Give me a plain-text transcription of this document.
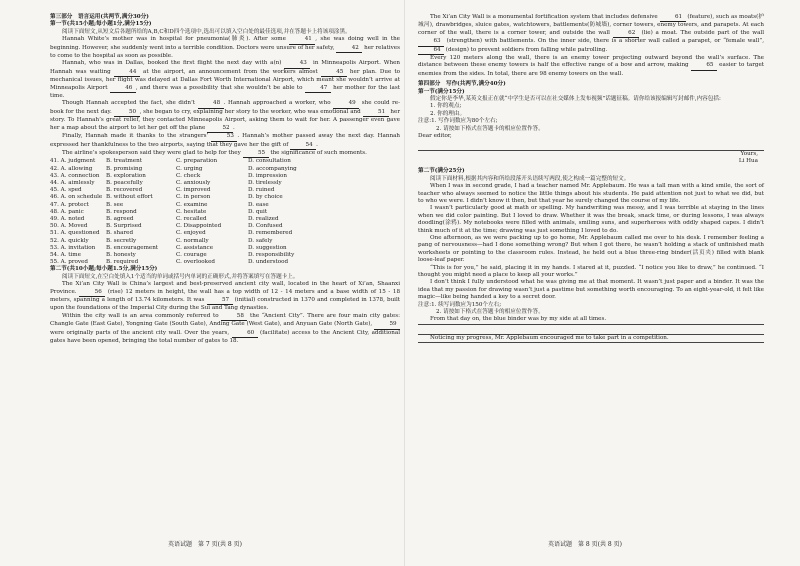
第三部分　语言运用(共两节,满分30分)
第一节(共15小题;每小题1分,满分15分)
阅读下面短文,从短文后各题所给的A,B,C和D四个选项中,选出可以填入空白处的最佳选项,并在答题卡上将该项涂黑。
Hannah White’s mother was in hospital for pneumonia(肺炎). After some	41 , she was doing well in the beginning. However, she suddenly went into a terrible condition. Doctors were unsure of her safety,	42 her relatives to come to the hospital as soon as possible.
Hannah, who was in Dallas, booked the first flight the next day with a(n)	43 in Minneapolis Airport. When Hannah was waiting	44 at the airport, an announcement from the workers almost	45 her plan. Due to mechanical issues, her flight was delayed at Dallas Fort Worth International Airport, which meant she wouldn’t arrive at Minneapolis Airport	46 , and there was a possibility that she wouldn’t be able to	47 her mother for the last time.
Though Hannah accepted the fact, she didn’t	48 . Hannah approached a worker, who	49 she could re-book for the next day.	50 , she began to cry, explaining her story to the worker, who was emotional and	51 her story. To Hannah’s great relief, they contacted Minneapolis Airport, asking them to wait for her. A passenger even gave her a map about the airport to let her get off the plane	52 .
Finally, Hannah made it thanks to the strangers’	53 . Hannah’s mother passed away the next day. Hannah expressed her thankfulness to the two airports, saying that they gave her the gift of	54 .
The airline’s spokesperson said they were glad to help for they	55 the significance of such moments.
41. A. judgment	B. treatment	C. preparation	D. consultation
42. A. allowing	B. promising	C. urging	D. accompanying
43. A. connection	B. exploration	C. check	D. impression
44. A. aimlessly	B. peacefully	C. anxiously	D. tirelessly
45. A. sped	B. recovered	C. improved	D. ruined
46. A. on schedule	B. without effort	C. in person	D. by choice
47. A. protect	B. see	C. examine	D. ease
48. A. panic	B. respond	C. hesitate	D. quit
49. A. noted	B. agreed	C. recalled	D. realized
50. A. Moved	B. Surprised	C. Disappointed	D. Confused
51. A. questioned	B. shared	C. enjoyed	D. remembered
52. A. quickly	B. secretly	C. normally	D. safely
53. A. invitation	B. encouragement	C. assistance	D. suggestion
54. A. time	B. honesty	C. courage	D. responsibility
55. A. proved	B. required	C. overlooked	D. understood
第二节(共10小题;每小题1.5分,满分15分)
阅读下面短文,在空白处填入1个适当的单词或括号内单词的正确形式,并将答案填写在答题卡上。
The Xi’an City Wall is China’s largest and best-preserved ancient city wall, located in the heart of Xi’an, Shaanxi Province.	56 (rise) 12 meters in height, the wall has a top width of 12 - 14 meters and a base width of 15 - 18 meters, spanning a length of 13.74 kilometers. It was	57 (initial) constructed in 1370 and completed in 1378, built upon the foundations of the Imperial City during the Sui and Tang dynasties.
Within the city wall is an area commonly referred to	58 the “Ancient City”. There are four main city gates: Changle Gate (East Gate), Yongning Gate (South Gate), Anding Gate (West Gate), and Anyuan Gate (North Gate),	59 were originally parts of the ancient city wall. Over the years,	60 (facilitate) access to the Ancient City, additional gates have been opened, bringing the total number of gates to 18.
英语试题　第 7 页(共 8 页)
The Xi’an City Wall is a monumental fortification system that includes defensive	61 (feature), such as moats(护城河), drawbridges, sluice gates, watchtowers, battlements(防城墙), corner towers, enemy towers, and parapets. At each corner of the wall, there is a corner tower, and outside the wall	62 (lie) a moat. The outside part of the wall 63 (strengthen) with battlements. On the inner side, there is a shorter wall called a parapet, or “female wall”, 64 (design) to prevent soldiers from falling while patrolling.
Every 120 meters along the wall, there is an enemy tower projecting outward beyond the wall’s surface. The distance between these enemy towers is half the effective range of a bow and arrow, making	65 easier to target enemies from the sides. In total, there are 98 enemy towers on the wall.
第四部分　写作(共两节,满分40分)
第一节(满分15分)
假定你是李华,某英文报正在就“中学生是否可以在社交媒体上发布视频”话题征稿。请你给该报编辑写封邮件,内容包括:
1. 你的观点;
2. 你的理由。
注意:1. 写作词数应为80个左右;
2. 请按如下格式在答题卡的相应位置作答。
Dear editor,
Yours,
Li Hua
第二节(满分25分)
阅读下面材料,根据其内容和所给段落开头语续写两段,使之构成一篇完整的短文。
When I was in second grade, I had a teacher named Mr. Applebaum. He was a tall man with a kind smile, the sort of teacher who always seemed to notice the little things about his students. He paid attention not just to what we did, but to who we were. I didn’t know it then, but that year he surely changed the course of my life.
I wasn’t particularly good at math or spelling. My handwriting was messy, and I was terrible at staying in the lines when we did color painting. But I loved to draw. Whether it was the break, snack time, or during lessons, I was always doodling(涂鸦). My notebooks were filled with animals, smiling suns, and superheroes with oddly shaped capes. I didn’t think much of it at the time; drawing was just something I loved to do.
One afternoon, as we were packing up to go home, Mr. Applebaum called me over to his desk. I remember feeling a pang of nervousness—had I done something wrong? But when I got there, he wasn’t holding a stack of unfinished math worksheets or pointing to the classroom rules. Instead, he held out a blue three-ring binder(活页夹) filled with blank loose-leaf paper.
“This is for you,” he said, placing it in my hands. I stared at it, puzzled. “I notice you like to draw,” he continued. “I thought you might need a place to keep all your works.”
I don’t think I fully understood what he was giving me at that moment. It wasn’t just paper and a binder. It was the idea that my passion for drawing wasn’t just a pastime but something worth encouraging. To an eight-year-old, it felt like magic—like being handed a key to a secret door.
注意:1. 续写词数应为150个左右;
2. 请按如下格式在答题卡的相应位置作答。
From that day on, the blue binder was by my side at all times.
Noticing my progress, Mr. Applebaum encouraged me to take part in a competition.
英语试题　第 8 页(共 8 页)
